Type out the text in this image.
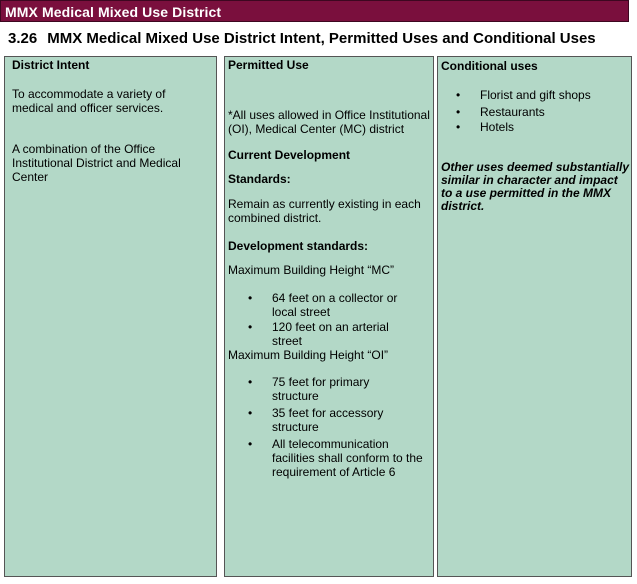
MMX Medical Mixed Use District
3.26 MMX Medical Mixed Use District Intent, Permitted Uses and Conditional Uses
District Intent
To accommodate a variety of medical and officer services.
A combination of the Office Institutional District and Medical Center
Permitted Use
*All uses allowed in Office Institutional (OI), Medical Center (MC) district
Current Development
Standards:
Remain as currently existing in each combined district.
Development standards:
Maximum Building Height “MC”
• 64 feet on a collector or local street
• 120 feet on an arterial street
Maximum Building Height “OI”
• 75 feet for primary structure
• 35 feet for accessory structure
• All telecommunication facilities shall conform to the requirement of Article 6
Conditional uses
• Florist and gift shops
• Restaurants
• Hotels
Other uses deemed substantially similar in character and impact to a use permitted in the MMX district.
